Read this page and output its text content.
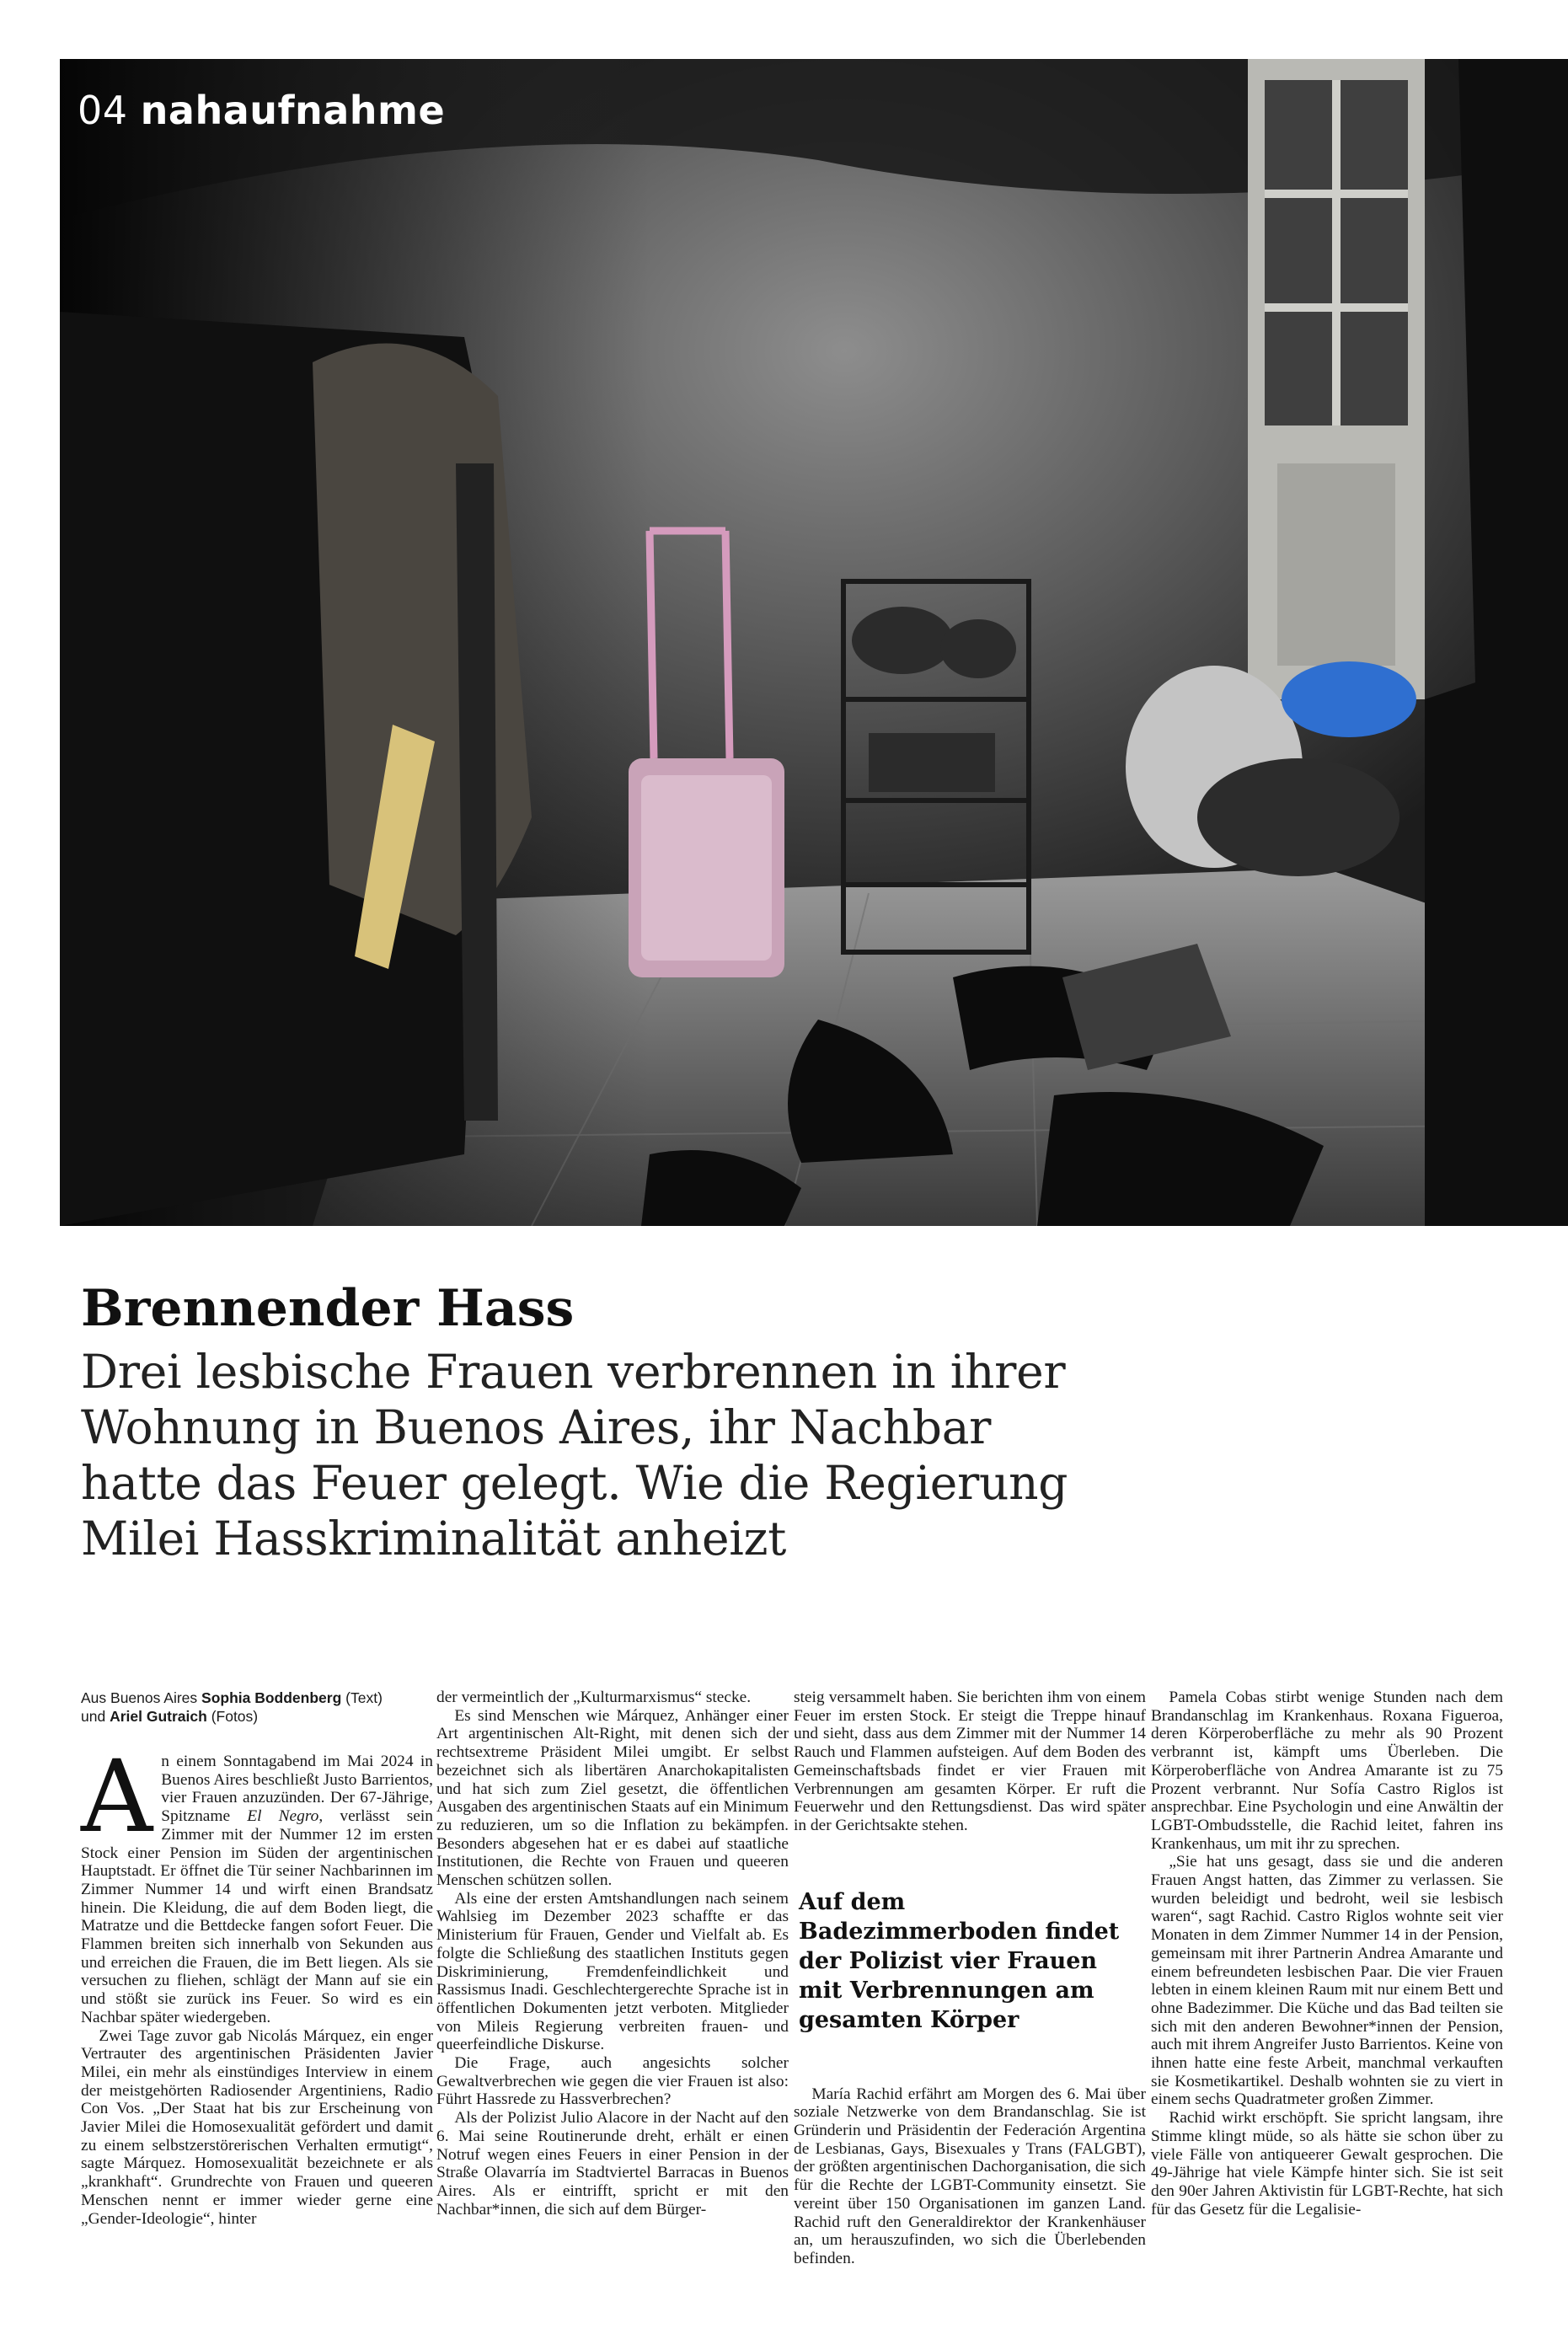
04 nahaufnahme
Brennender Hass
Drei lesbische Frauen verbrennen in ihrer Wohnung in Buenos Aires, ihr Nachbar hatte das Feuer gelegt. Wie die Regierung Milei Hasskriminalität anheizt
Aus Buenos Aires Sophia Boddenberg (Text)
und Ariel Gutraich (Fotos)

An einem Sonntagabend im Mai 2024 in Buenos Aires beschließt Justo Barrientos, vier Frauen anzuzünden. Der 67-Jährige, Spitzname El Negro, verlässt sein Zimmer mit der Nummer 12 im ersten Stock einer Pension im Süden der argentinischen Hauptstadt. Er öffnet die Tür seiner Nachbarinnen im Zimmer Nummer 14 und wirft einen Brandsatz hinein. Die Kleidung, die auf dem Boden liegt, die Matratze und die Bettdecke fangen sofort Feuer. Die Flammen breiten sich innerhalb von Sekunden aus und erreichen die Frauen, die im Bett liegen. Als sie versuchen zu fliehen, schlägt der Mann auf sie ein und stößt sie zurück ins Feuer. So wird es ein Nachbar später wiedergeben.

Zwei Tage zuvor gab Nicolás Márquez, ein enger Vertrauter des argentinischen Präsidenten Javier Milei, ein mehr als einstündiges Interview in einem der meistgehörten Radiosender Argentiniens, Radio Con Vos. „Der Staat hat bis zur Erscheinung von Javier Milei die Homosexualität gefördert und damit zu einem selbstzerstörerischen Verhalten ermutigt“, sagte Márquez. Homosexualität bezeichnete er als „krankhaft“. Grundrechte von Frauen und queeren Menschen nennt er immer wieder gerne eine „Gender-Ideologie“, hinter

der vermeintlich der „Kulturmarxismus“ stecke.

Es sind Menschen wie Márquez, Anhänger einer Art argentinischen Alt-Right, mit denen sich der rechtsextreme Präsident Milei umgibt. Er selbst bezeichnet sich als libertären Anarchokapitalisten und hat sich zum Ziel gesetzt, die öffentlichen Ausgaben des argentinischen Staats auf ein Minimum zu reduzieren, um so die Inflation zu bekämpfen. Besonders abgesehen hat er es dabei auf staatliche Institutionen, die Rechte von Frauen und queeren Menschen schützen sollen.

Als eine der ersten Amtshandlungen nach seinem Wahlsieg im Dezember 2023 schaffte er das Ministerium für Frauen, Gender und Vielfalt ab. Es folgte die Schließung des staatlichen Instituts gegen Diskriminierung, Fremdenfeindlichkeit und Rassismus Inadi. Geschlechtergerechte Sprache ist in öffentlichen Dokumenten jetzt verboten. Mitglieder von Mileis Regierung verbreiten frauen- und queerfeindliche Diskurse.

Die Frage, auch angesichts solcher Gewaltverbrechen wie gegen die vier Frauen ist also: Führt Hassrede zu Hassverbrechen?

Als der Polizist Julio Alacore in der Nacht auf den 6. Mai seine Routinerunde dreht, erhält er einen Notruf wegen eines Feuers in einer Pension in der Straße Olavarría im Stadtviertel Barracas in Buenos Aires. Als er eintrifft, spricht er mit den Nachbar*innen, die sich auf dem Bürger-

steig versammelt haben. Sie berichten ihm von einem Feuer im ersten Stock. Er steigt die Treppe hinauf und sieht, dass aus dem Zimmer mit der Nummer 14 Rauch und Flammen aufsteigen. Auf dem Boden des Gemeinschaftsbads findet er vier Frauen mit Verbrennungen am gesamten Körper. Er ruft die Feuerwehr und den Rettungsdienst. Das wird später in der Gerichtsakte stehen.

Auf dem Badezimmerboden findet der Polizist vier Frauen mit Verbrennungen am gesamten Körper

María Rachid erfährt am Morgen des 6. Mai über soziale Netzwerke von dem Brandanschlag. Sie ist Gründerin und Präsidentin der Federación Argentina de Lesbianas, Gays, Bisexuales y Trans (FALGBT), der größten argentinischen Dachorganisation, die sich für die Rechte der LGBT-Community einsetzt. Sie vereint über 150 Organisationen im ganzen Land. Rachid ruft den Generaldirektor der Krankenhäuser an, um herauszufinden, wo sich die Überlebenden befinden.

Pamela Cobas stirbt wenige Stunden nach dem Brandanschlag im Krankenhaus. Roxana Figueroa, deren Körperoberfläche zu mehr als 90 Prozent verbrannt ist, kämpft ums Überleben. Die Körperoberfläche von Andrea Amarante ist zu 75 Prozent verbrannt. Nur Sofía Castro Riglos ist ansprechbar. Eine Psychologin und eine Anwältin der LGBT-Ombudsstelle, die Rachid leitet, fahren ins Krankenhaus, um mit ihr zu sprechen.

„Sie hat uns gesagt, dass sie und die anderen Frauen Angst hatten, das Zimmer zu verlassen. Sie wurden beleidigt und bedroht, weil sie lesbisch waren“, sagt Rachid. Castro Riglos wohnte seit vier Monaten in dem Zimmer Nummer 14 in der Pension, gemeinsam mit ihrer Partnerin Andrea Amarante und einem befreundeten lesbischen Paar. Die vier Frauen lebten in einem kleinen Raum mit nur einem Bett und ohne Badezimmer. Die Küche und das Bad teilten sie sich mit den anderen Bewohner*innen der Pension, auch mit ihrem Angreifer Justo Barrientos. Keine von ihnen hatte eine feste Arbeit, manchmal verkauften sie Kosmetikartikel. Deshalb wohnten sie zu viert in einem sechs Quadratmeter großen Zimmer.

Rachid wirkt erschöpft. Sie spricht langsam, ihre Stimme klingt müde, so als hätte sie schon über zu viele Fälle von antiqueerer Gewalt gesprochen. Die 49-Jährige hat viele Kämpfe hinter sich. Sie ist seit den 90er Jahren Aktivistin für LGBT-Rechte, hat sich für das Gesetz für die Legalisie-
